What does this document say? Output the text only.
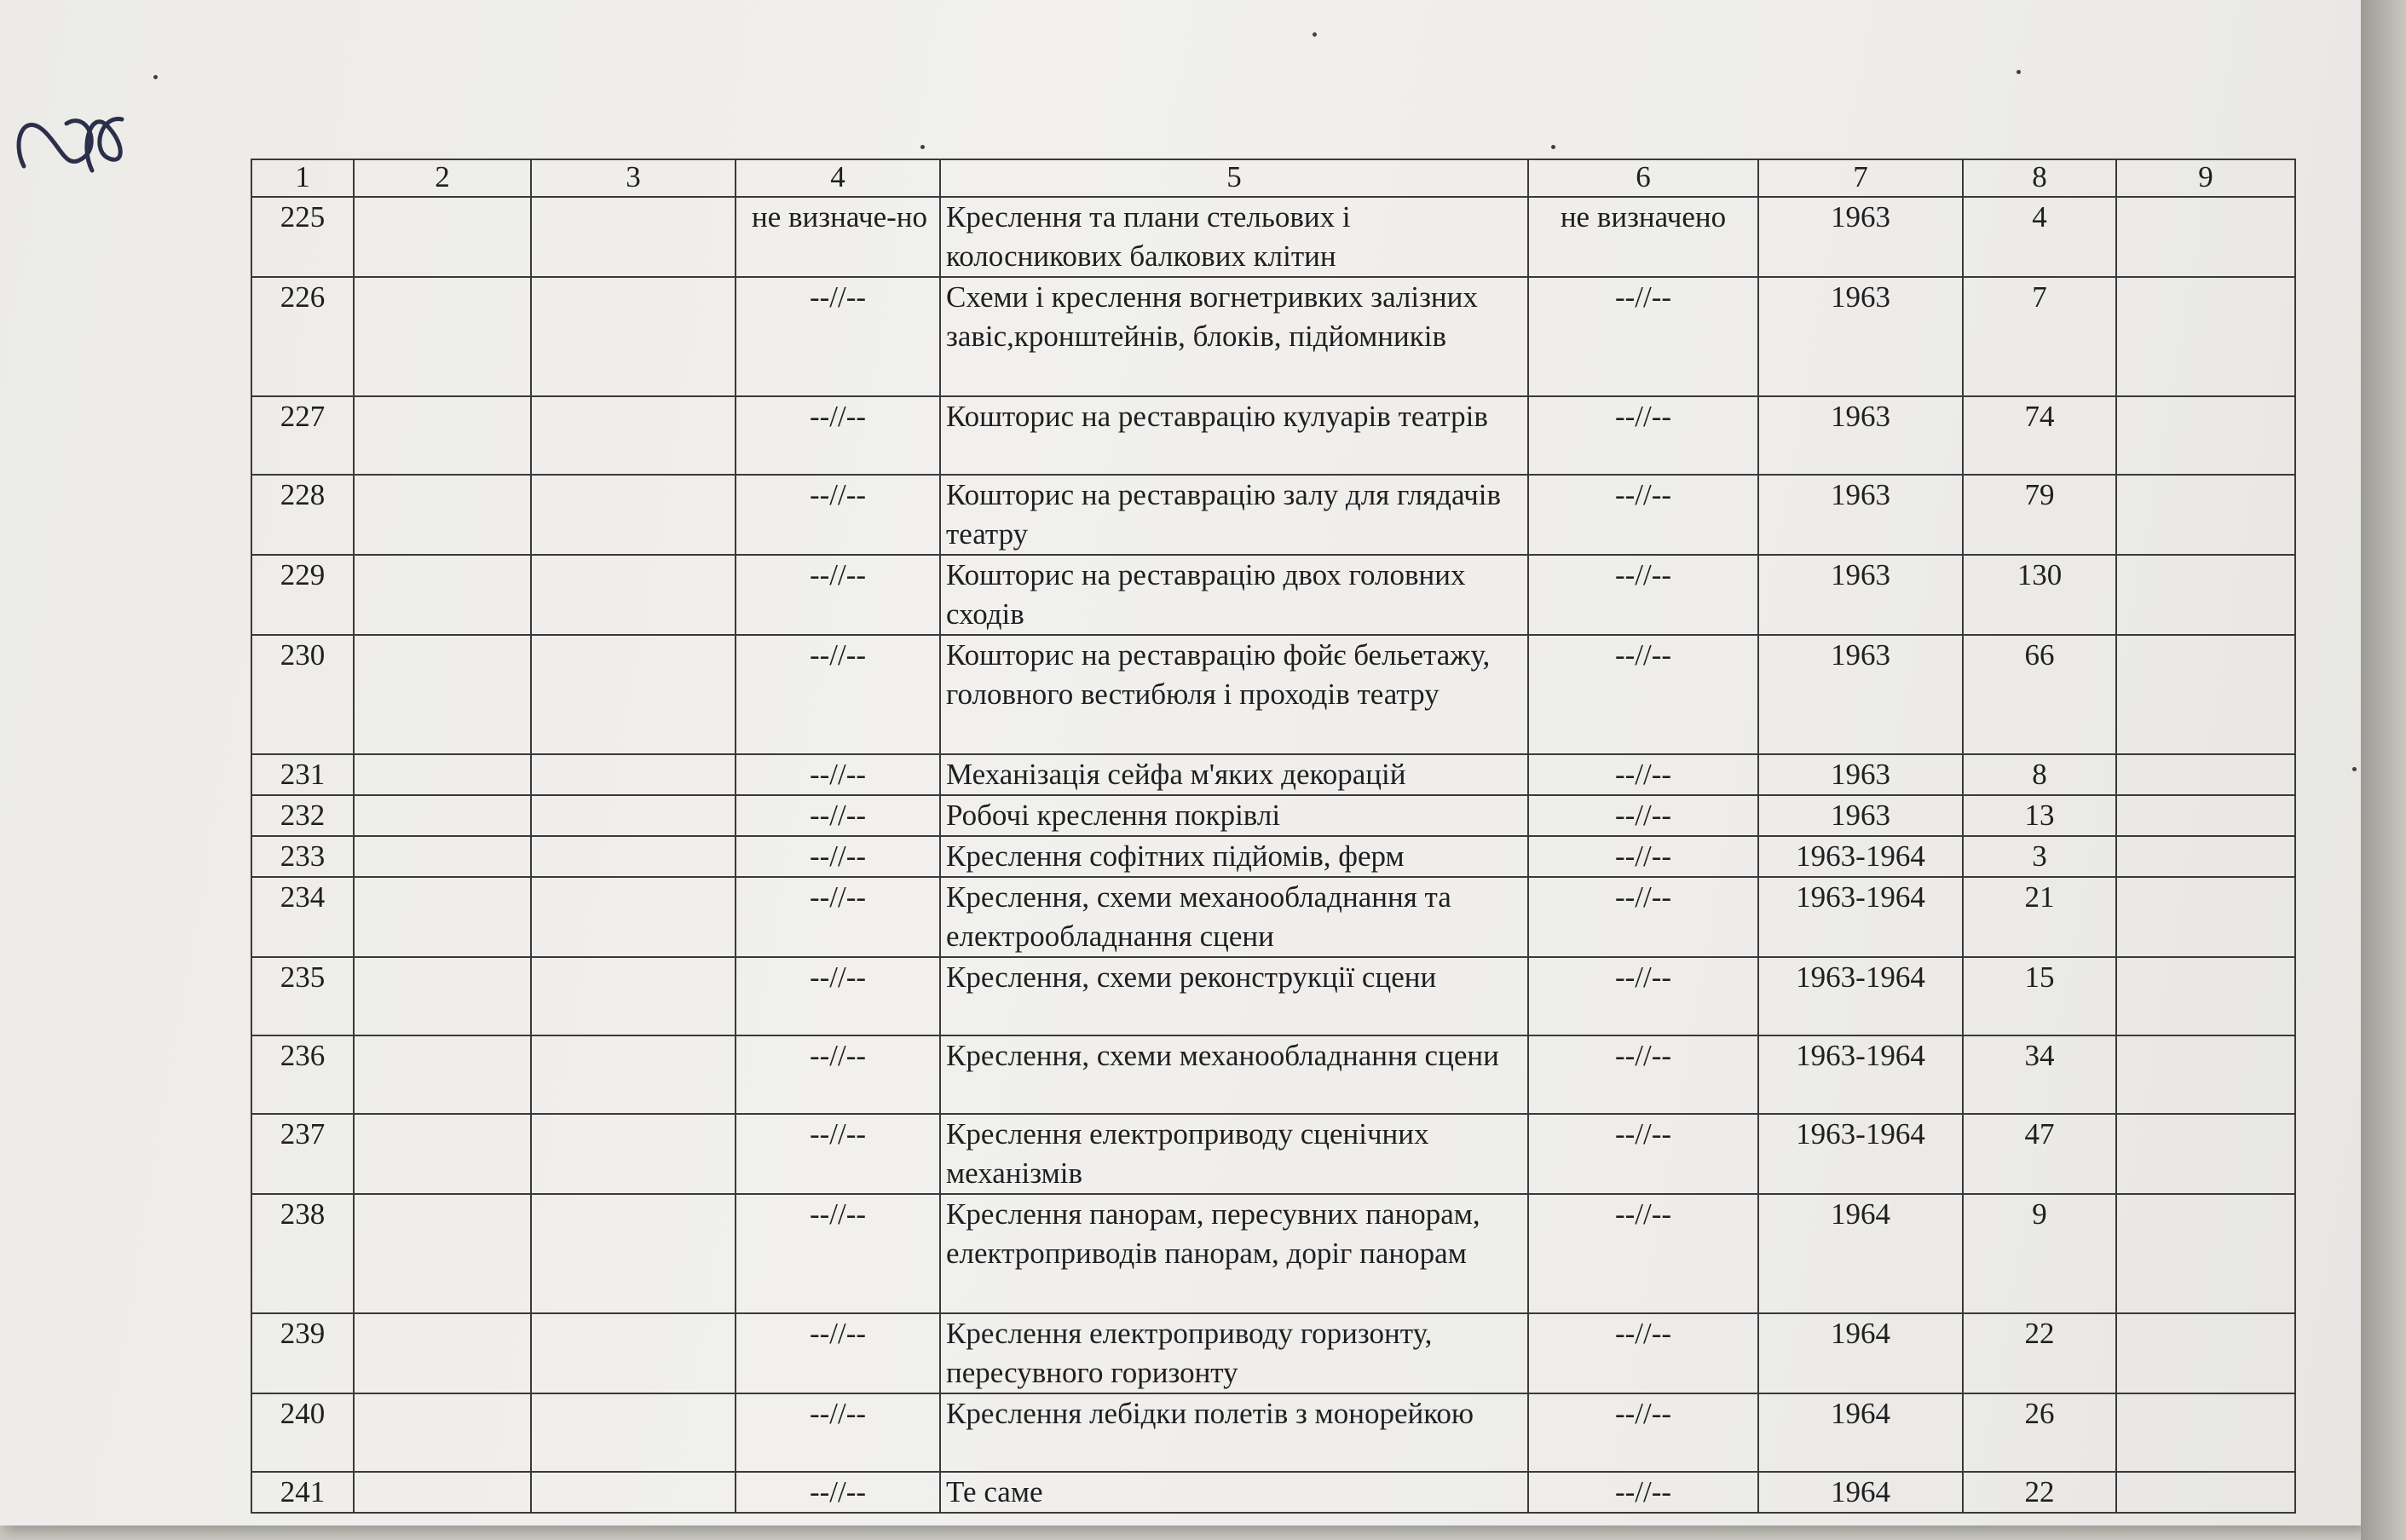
1	2	3	4	5	6	7	8	9
225			не визначе-но	Креслення та плани стельових і колосникових балкових клітин	не визначено	1963	4	
226			--//--	Схеми і креслення вогнетривких залізних завіс,кронштейнів, блоків, підйомників	--//--	1963	7	
227			--//--	Кошторис на реставрацію кулуарів театрів	--//--	1963	74	
228			--//--	Кошторис на реставрацію залу для глядачів театру	--//--	1963	79	
229			--//--	Кошторис на реставрацію двох головних сходів	--//--	1963	130	
230			--//--	Кошторис на реставрацію фойє бельетажу, головного вестибюля і проходів театру	--//--	1963	66	
231			--//--	Механізація сейфа м'яких декорацій	--//--	1963	8	
232			--//--	Робочі креслення покрівлі	--//--	1963	13	
233			--//--	Креслення софітних підйомів, ферм	--//--	1963-1964	3	
234			--//--	Креслення, схеми механообладнання та електрообладнання сцени	--//--	1963-1964	21	
235			--//--	Креслення, схеми реконструкції сцени	--//--	1963-1964	15	
236			--//--	Креслення, схеми механообладнання сцени	--//--	1963-1964	34	
237			--//--	Креслення електроприводу сценічних механізмів	--//--	1963-1964	47	
238			--//--	Креслення панорам, пересувних панорам, електроприводів панорам, доріг панорам	--//--	1964	9	
239			--//--	Креслення електроприводу горизонту, пересувного горизонту	--//--	1964	22	
240			--//--	Креслення лебідки полетів з монорейкою	--//--	1964	26	
241			--//--	Те саме	--//--	1964	22	
